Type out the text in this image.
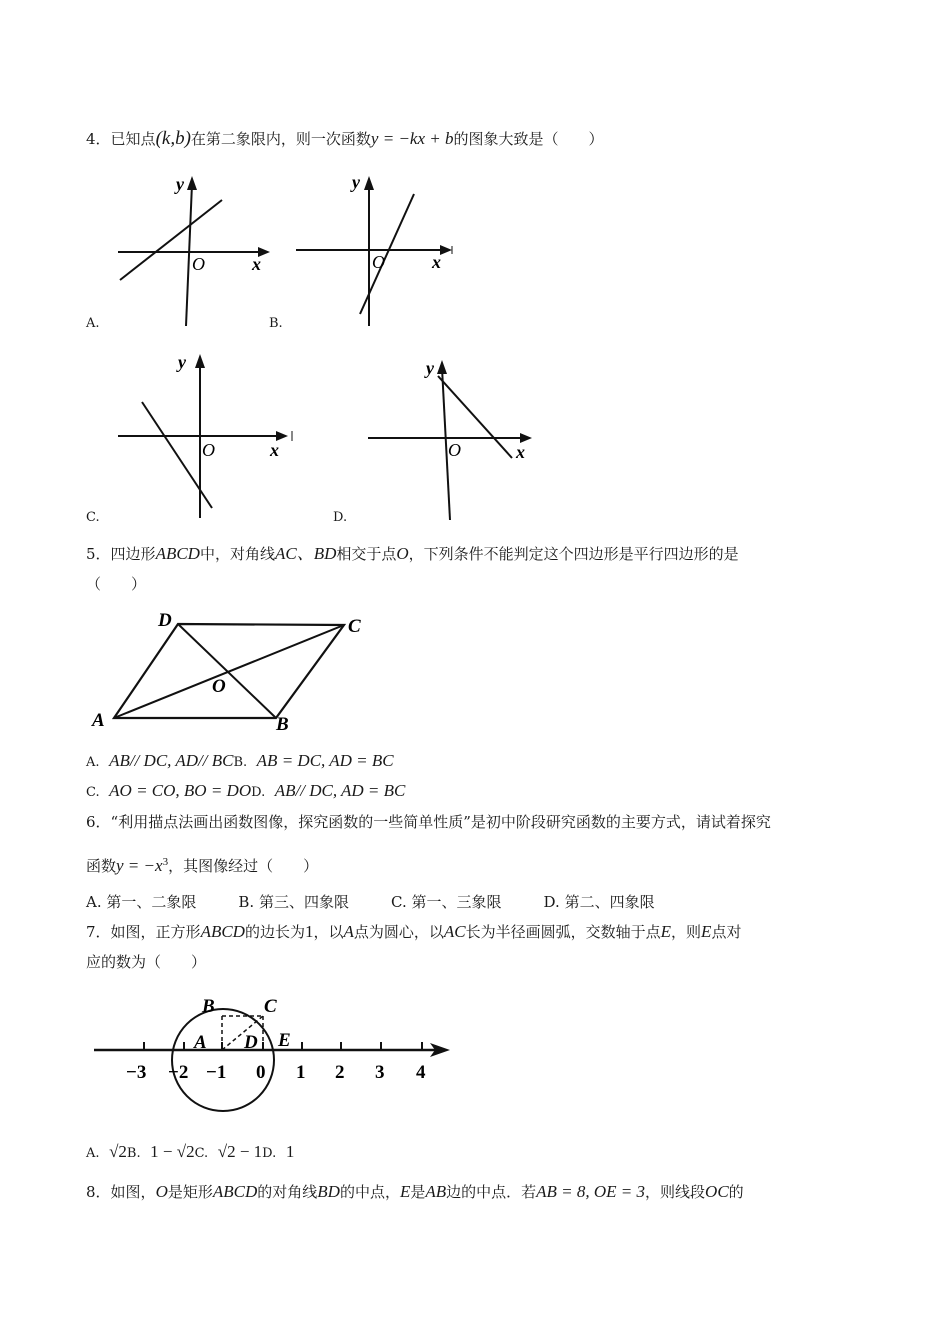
4．已知点(k,b)在第二象限内，则一次函数y = −kx + b的图象大致是（　　）
y
O	x
A.
y
O	x
B.
y
O	x
C.
y
O	x
D.
5．四边形ABCD中，对角线AC、BD相交于点O，下列条件不能判定这个四边形是平行四边形的是
（　　）
A	B
C
D
O
A. AB// DC, AD// BCB. AB = DC, AD = BC
C. AO = CO, BO = DOD. AB// DC, AD = BC
6．“利用描点法画出函数图像，探究函数的一些简单性质”是初中阶段研究函数的主要方式，请试着探究
函数$y = -x^3$，其图像经过（　　）
A. 第一、二象限	B. 第三、四象限	C. 第一、三象限	D. 第二、四象限
7．如图，正方形ABCD的边长为1，以A点为圆心，以AC长为半径画圆弧，交数轴于点E，则E点对
应的数为（　　）
B	C
A D E
−3 −2 −1 0 1 2 3 4
A. √2B. 1 − √2C. √2 − 1D. 1
8．如图，O是矩形ABCD的对角线BD的中点，E是AB边的中点．若AB = 8, OE = 3，则线段OC的
